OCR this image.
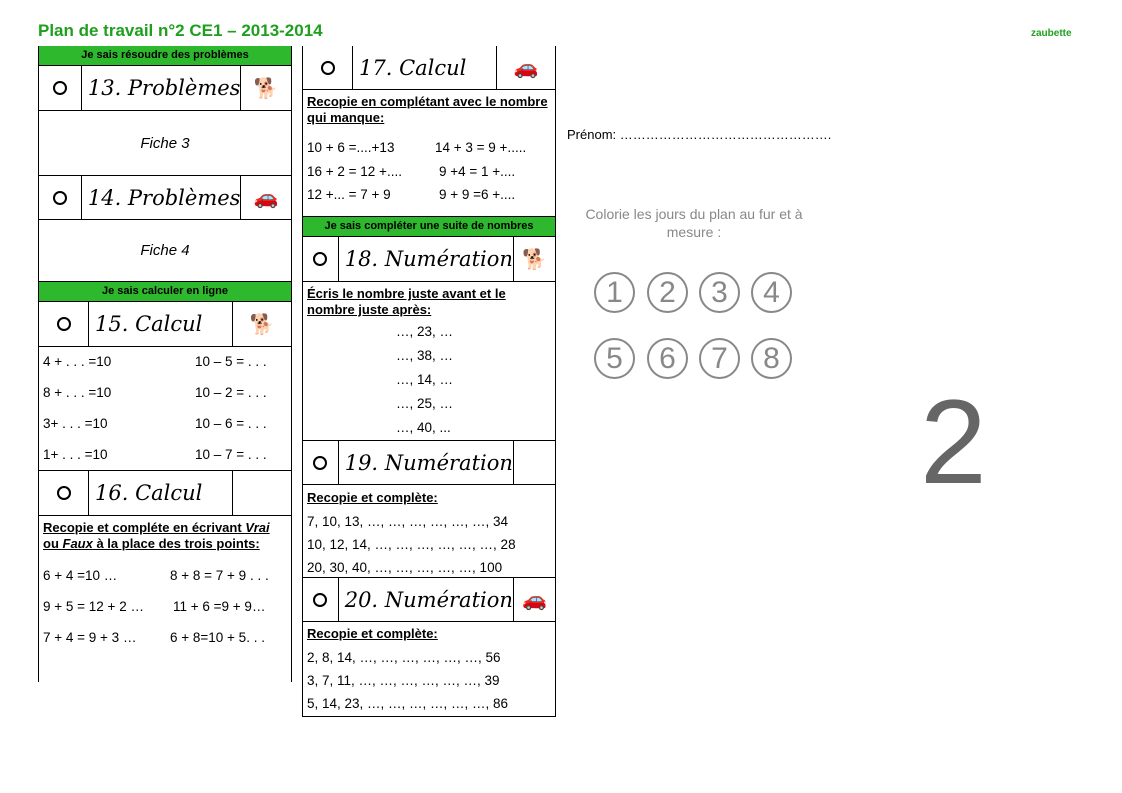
Plan de travail n°2 CE1 – 2013-2014	zaubette
Je sais résoudre des problèmes
13. Problèmes 🐕
Fiche 3
14. Problèmes 🚗
Fiche 4
Je sais calculer en ligne
15. Calcul	🐕
4 + . . . =10	10 – 5 = . . .
8 + . . . =10	10 – 2 = . . .
3+ . . . =10	10 – 6 = . . .
1+ . . . =10	10 – 7 = . . .
16. Calcul
Recopie et compléte en écrivant Vrai ou Faux à la place des trois points:
6 + 4 =10 …	8 + 8 = 7 + 9 . . .
9 + 5 = 12 + 2 …	11 + 6 =9 + 9…
7 + 4 = 9 + 3 …	6 + 8=10 + 5. . .
17. Calcul	🚗
Recopie en complétant avec le nombre qui manque:
10 + 6 =....+13	14 + 3 = 9 +.....
16 + 2 = 12 +....	9 +4 = 1 +....
12 +... = 7 + 9	9 + 9 =6 +....
Je sais compléter une suite de nombres
18. Numération 🐕
Écris le nombre juste avant et le nombre juste après:
…, 23, …
…, 38, …
…, 14, …
…, 25, …
…, 40, ...
19. Numération
Recopie et complète:
7, 10, 13, …, …, …, …, …, …, 34
10, 12, 14, …, …, …, …, …, …, 28
20, 30, 40, …, …, …, …, …, 100
20. Numération 🚗
Recopie et complète:
2, 8, 14, …, …, …, …, …, …, 56
3, 7, 11, …, …, …, …, …, …, 39
5, 14, 23, …, …, …, …, …, …, 86
Prénom: ………………………………………….
Colorie les jours du plan au fur et à mesure :
1	2	3	4
5	6	7	8
2
